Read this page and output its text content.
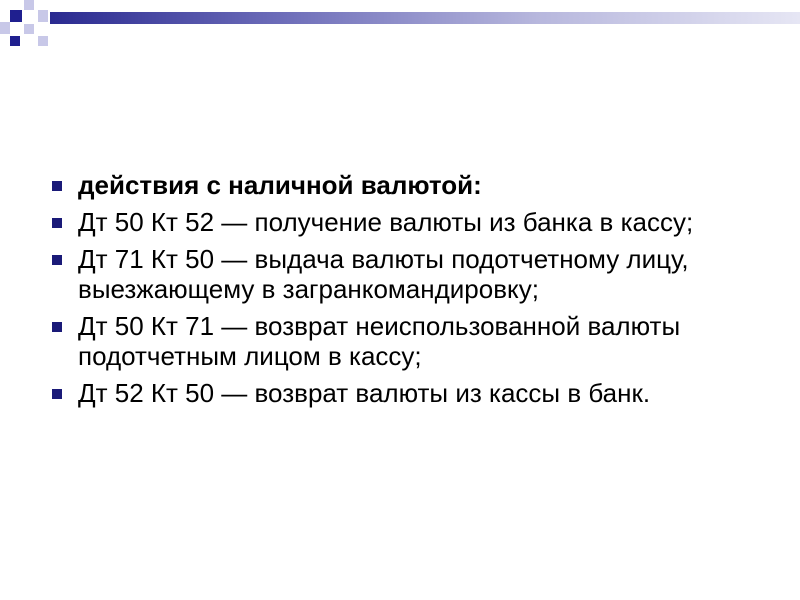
действия с наличной валютой:
Дт 50 Кт 52 — получение валюты из банка в кассу;
Дт 71 Кт 50 — выдача валюты подотчетному лицу, выезжающему в загранкомандировку;
Дт 50 Кт 71 — возврат неиспользованной валюты подотчетным лицом в кассу;
Дт 52 Кт 50 — возврат валюты из кассы в банк.
